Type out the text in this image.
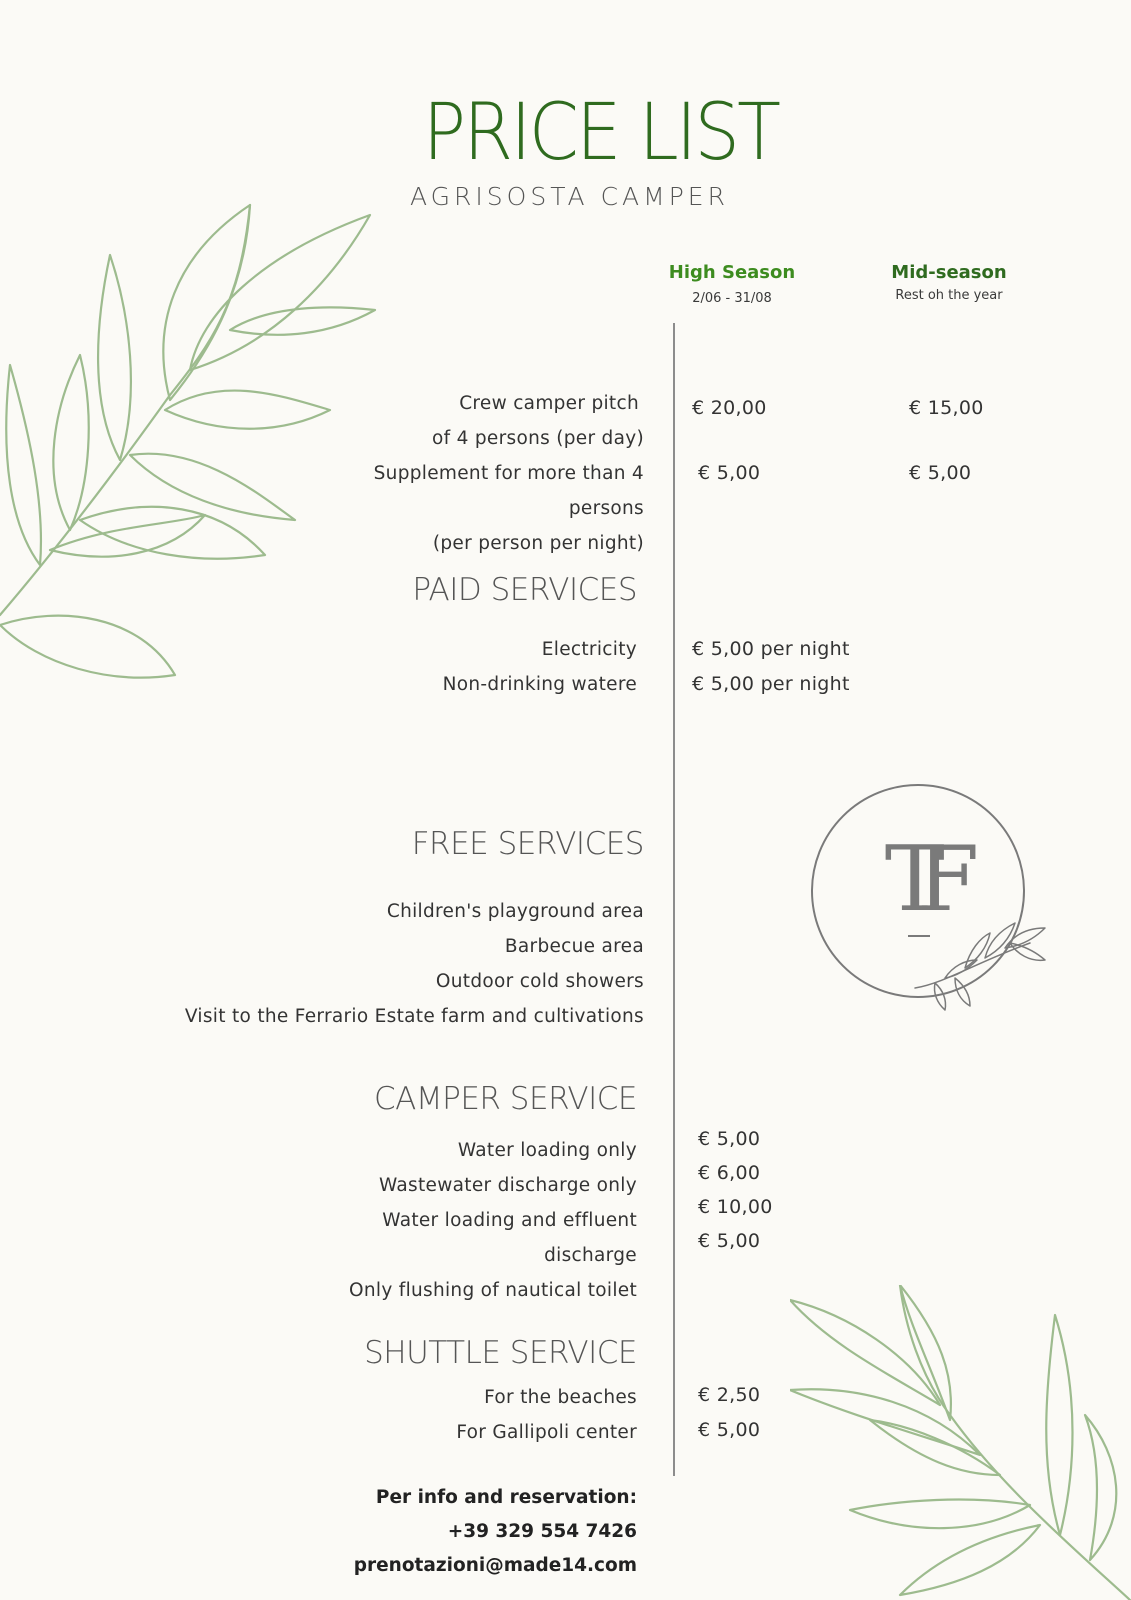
PRICE LIST
AGRISOSTA CAMPER
High Season
2/06 - 31/08
Mid-season
Rest oh the year
Crew camper pitch
of 4 persons (per day)
Supplement for more than 4
persons
(per person per night)
€ 20,00	€ 15,00
€ 5,00	€ 5,00
PAID SERVICES
Electricity
Non-drinking watere
€ 5,00 per night
€ 5,00 per night
FREE SERVICES
Children's playground area
Barbecue area
Outdoor cold showers
Visit to the Ferrario Estate farm and cultivations
TF
CAMPER SERVICE
Water loading only
Wastewater discharge only
Water loading and effluent
discharge
Only flushing of nautical toilet
€ 5,00
€ 6,00
€ 10,00
€ 5,00
SHUTTLE SERVICE
For the beaches
For Gallipoli center
€ 2,50
€ 5,00
Per info and reservation:
+39 329 554 7426
prenotazioni@made14.com
